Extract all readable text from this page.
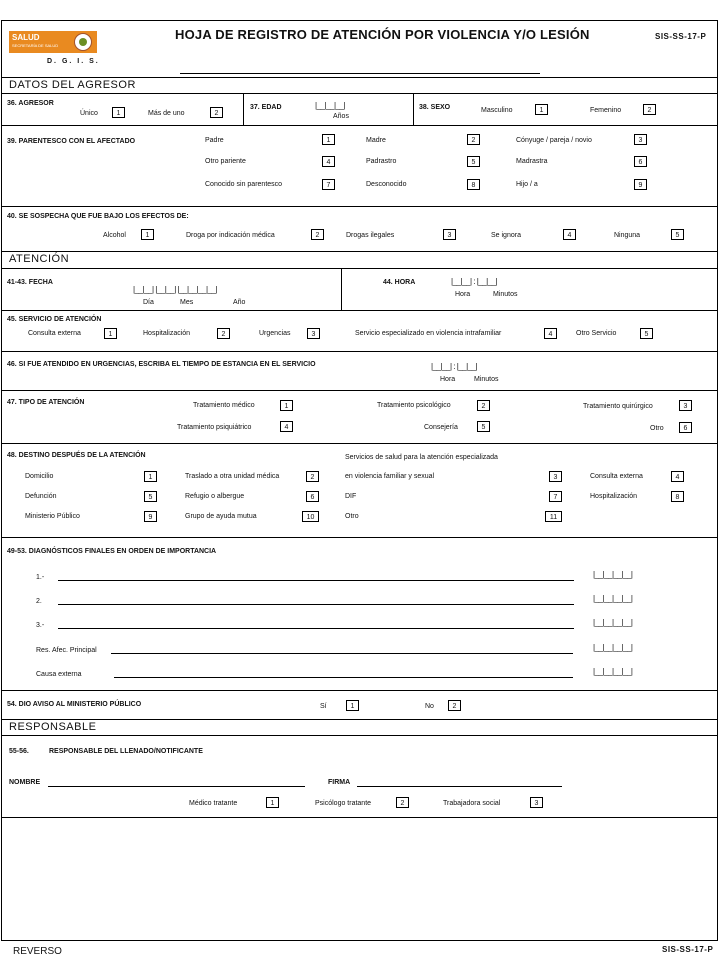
SALUD
SECRETARÍA DE SALUD
D. G. I. S.
HOJA DE REGISTRO DE ATENCIÓN POR VIOLENCIA Y/O LESIÓN	SIS-SS-17-P
DATOS DEL AGRESOR
36. AGRESOR
Único	1	Más de uno	2
37. EDAD	|__|__|__|
Años
38. SEXO	Masculino	1	Femenino	2
39. PARENTESCO CON EL AFECTADO	Padre	1	Madre	2	Cónyuge / pareja / novio	3
Otro pariente	4	Padrastro	5	Madrastra	6
Conocido sin parentesco	7	Desconocido	8	Hijo / a	9
40. SE SOSPECHA QUE FUE BAJO LOS EFECTOS DE:
Alcohol	1	Droga por indicación médica	2	Drogas ilegales	3	Se ignora	4	Ninguna	5
ATENCIÓN
41-43. FECHA
|__|__| |__|__| |__|__|__|__|
Día	Mes	Año
44. HORA	|__|__| : |__|__|
Hora	Minutos
45. SERVICIO DE ATENCIÓN
Consulta externa	1	Hospitalización	2	Urgencias	3	Servicio especializado en violencia intrafamiliar	4	Otro Servicio	5
46. SI FUE ATENDIDO EN URGENCIAS, ESCRIBA EL TIEMPO DE ESTANCIA EN EL SERVICIO	|__|__| : |__|__|
Hora	Minutos
47. TIPO DE ATENCIÓN	Tratamiento médico	1	Tratamiento psicológico	2	Tratamiento quirúrgico	3
Tratamiento psiquiátrico	4	Consejería	5	Otro	6
48. DESTINO DESPUÉS DE LA ATENCIÓN	Servicios de salud para la atención especializada
Domicilio	1	Traslado a otra unidad médica	2	en violencia familiar y sexual	3	Consulta externa	4
Defunción	5	Refugio o albergue	6	DIF	7	Hospitalización	8
Ministerio Público	9	Grupo de ayuda mutua	10	Otro	11
49-53. DIAGNÓSTICOS FINALES EN ORDEN DE IMPORTANCIA
1.-	|__|__|__|__|
2.	|__|__|__|__|
3.-	|__|__|__|__|
Res. Afec. Principal	|__|__|__|__|
Causa externa	|__|__|__|__|
54. DIO AVISO AL MINISTERIO PÚBLICO	Sí	1	No	2
RESPONSABLE
55-56.	RESPONSABLE DEL LLENADO/NOTIFICANTE
NOMBRE	FIRMA
Médico tratante	1	Psicólogo tratante	2	Trabajadora social	3
REVERSO	SIS-SS-17-P
